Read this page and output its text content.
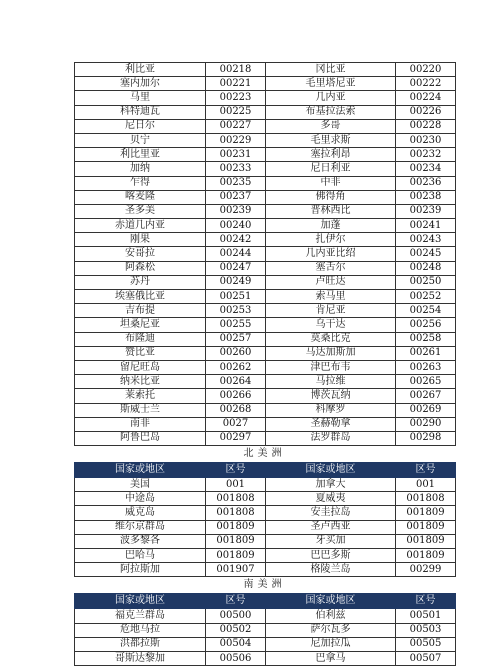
利比亚	00218	冈比亚	00220
塞内加尔	00221	毛里塔尼亚	00222
马里	00223	几内亚	00224
科特迪瓦	00225	布基拉法索	00226
尼日尔	00227	多哥	00228
贝宁	00229	毛里求斯	00230
利比里亚	00231	塞拉利昂	00232
加纳	00233	尼日利亚	00234
乍得	00235	中非	00236
喀麦隆	00237	佛得角	00238
圣多美	00239	普林西比	00239
赤道几内亚	00240	加蓬	00241
刚果	00242	扎伊尔	00243
安哥拉	00244	几内亚比绍	00245
阿森松	00247	塞舌尔	00248
苏丹	00249	卢旺达	00250
埃塞俄比亚	00251	索马里	00252
吉布提	00253	肯尼亚	00254
坦桑尼亚	00255	乌干达	00256
布隆迪	00257	莫桑比克	00258
赞比亚	00260	马达加斯加	00261
留尼旺岛	00262	津巴布韦	00263
纳米比亚	00264	马拉维	00265
莱索托	00266	博茨瓦纳	00267
斯威士兰	00268	科摩罗	00269
南非	0027	圣赫勒拿	00290
阿鲁巴岛	00297	法罗群岛	00298
北美洲
国家或地区	区号	国家或地区	区号
美国	001	加拿大	001
中途岛	001808	夏威夷	001808
威克岛	001808	安圭拉岛	001809
维尔京群岛	001809	圣卢西亚	001809
波多黎各	001809	牙买加	001809
巴哈马	001809	巴巴多斯	001809
阿拉斯加	001907	格陵兰岛	00299
南美洲
国家或地区	区号	国家或地区	区号
福克兰群岛	00500	伯利兹	00501
危地马拉	00502	萨尔瓦多	00503
洪都拉斯	00504	尼加拉瓜	00505
哥斯达黎加	00506	巴拿马	00507
